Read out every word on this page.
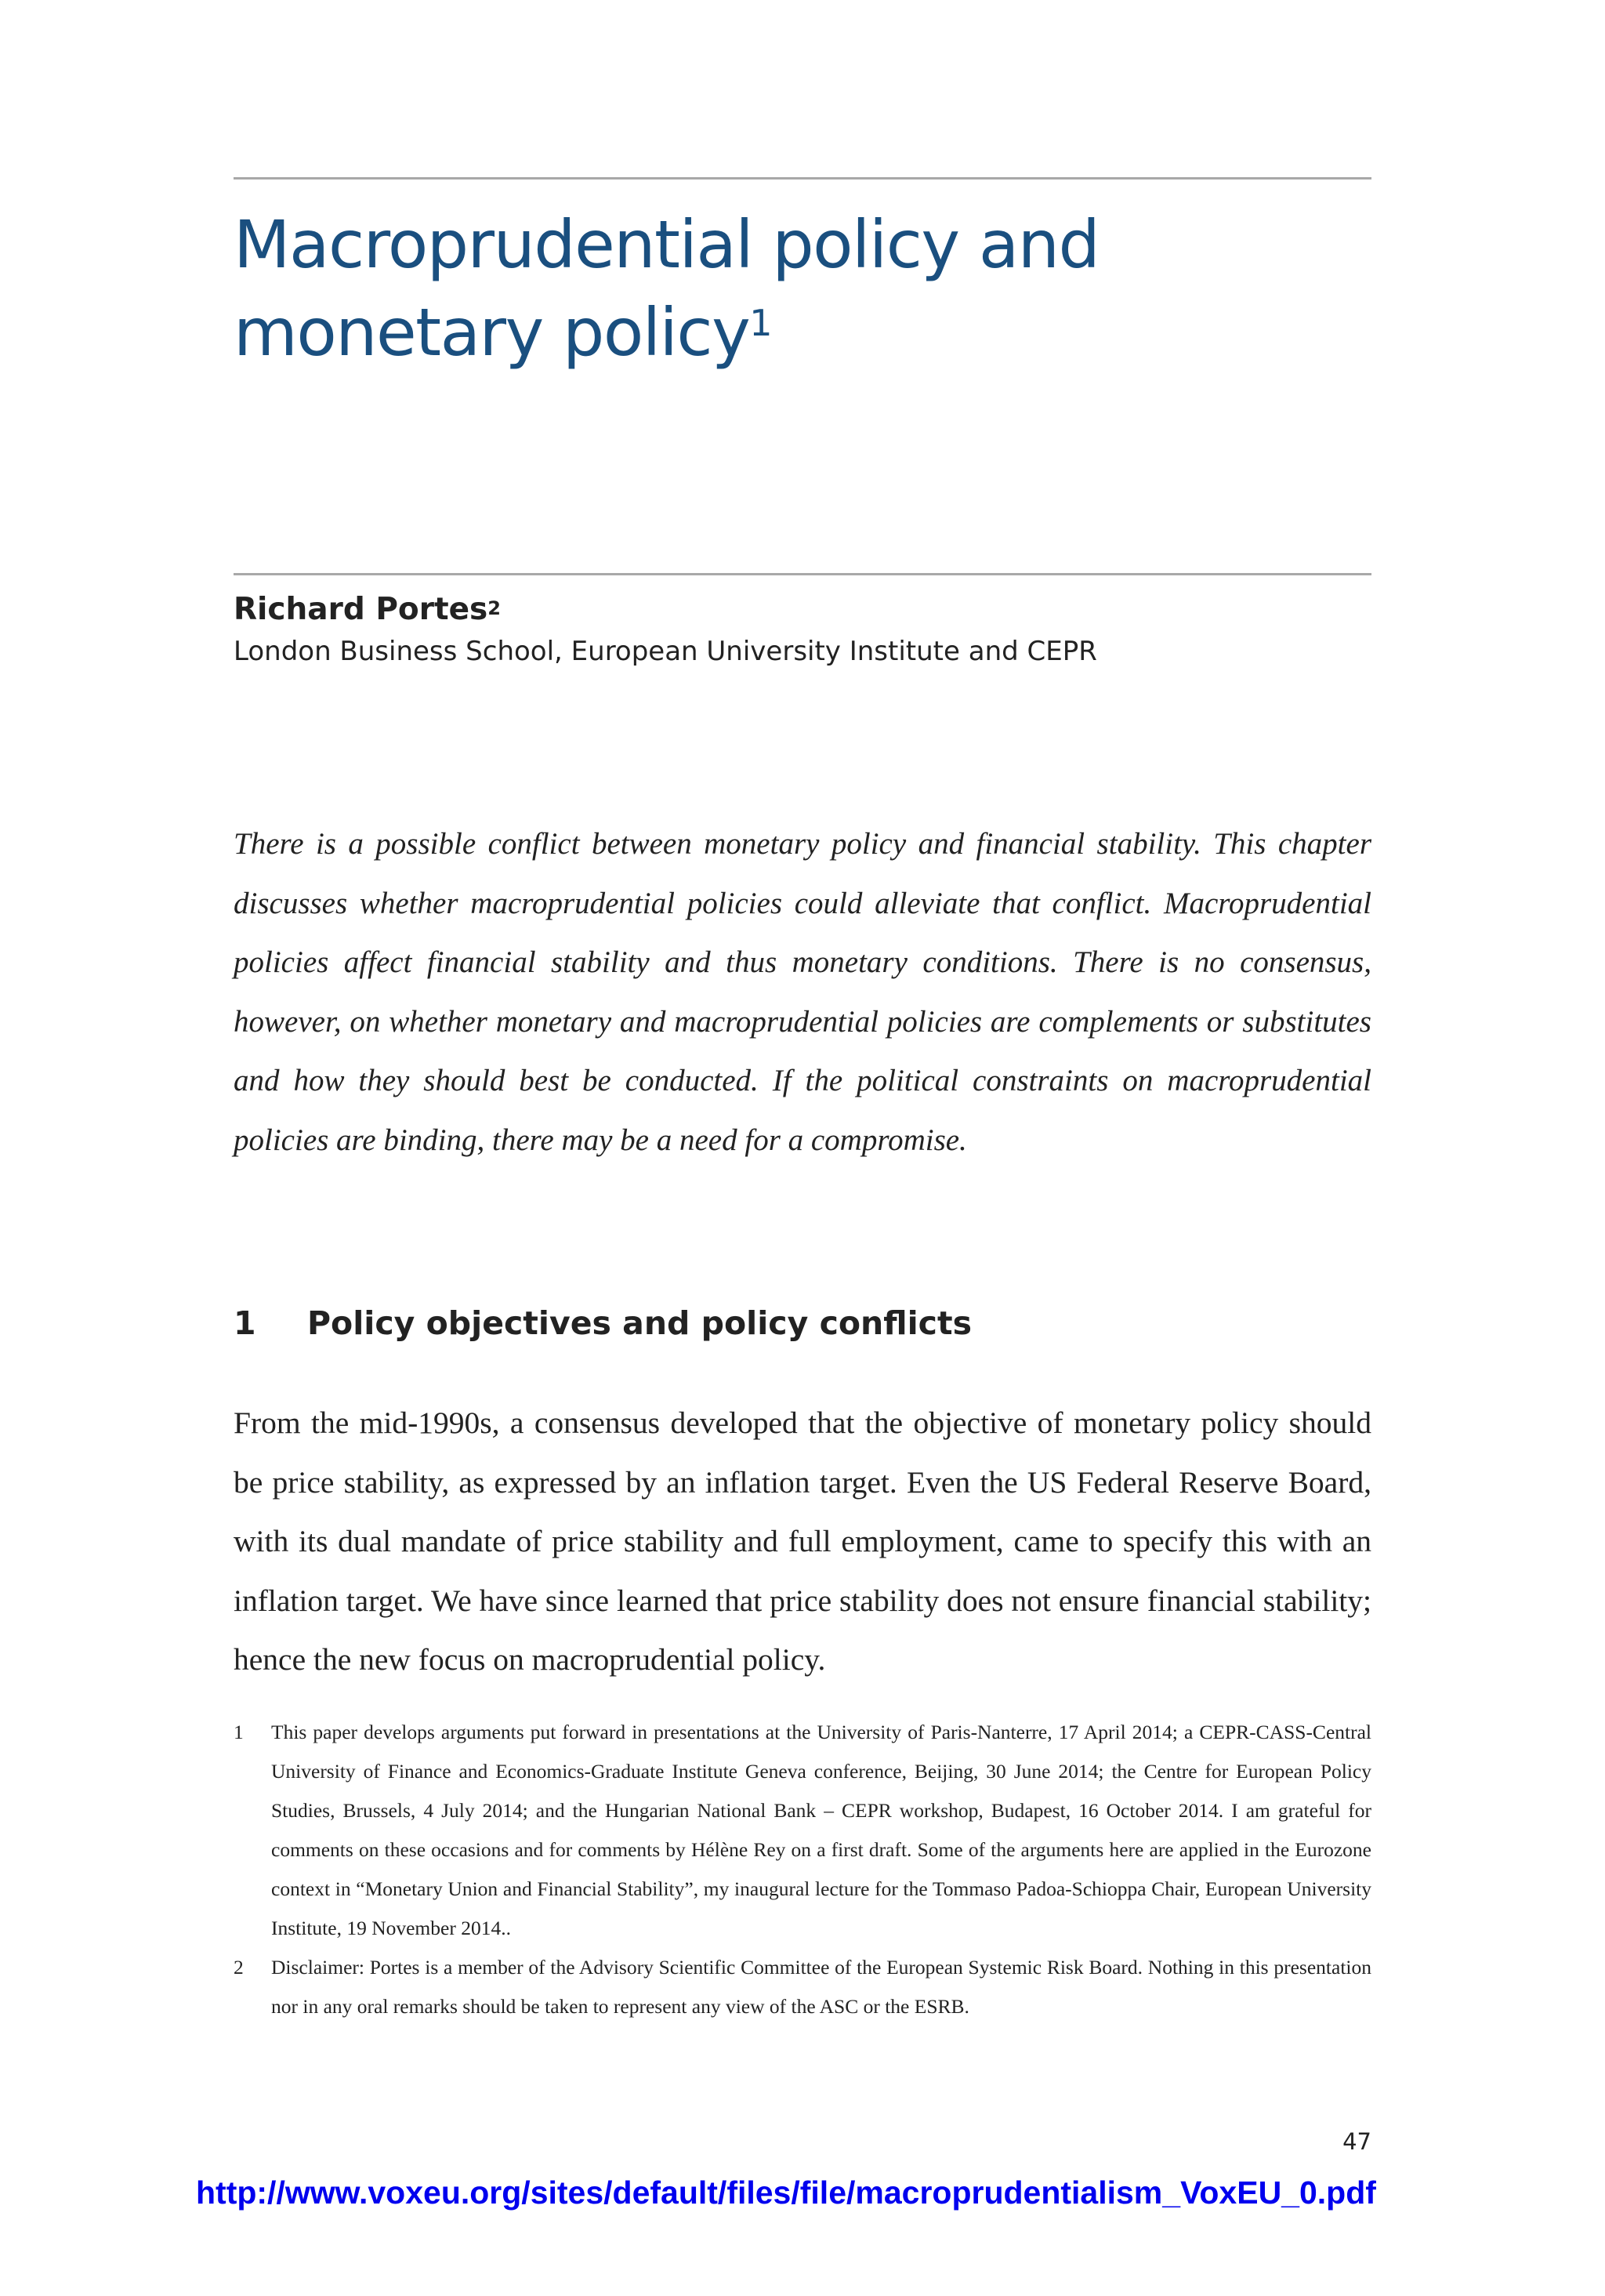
Macroprudential policy and
monetary policy$^1$
Richard Portes$^2$
London Business School, European University Institute and CEPR

There is a possible conflict between monetary policy and financial stability. This chapter discusses whether macroprudential policies could alleviate that conflict. Macroprudential policies affect financial stability and thus monetary conditions. There is no consensus, however, on whether monetary and macroprudential policies are complements or substitutes and how they should best be conducted. If the political constraints on macroprudential policies are binding, there may be a need for a compromise.

1 Policy objectives and policy conflicts

From the mid-1990s, a consensus developed that the objective of monetary policy should be price stability, as expressed by an inflation target. Even the US Federal Reserve Board, with its dual mandate of price stability and full employment, came to specify this with an inflation target. We have since learned that price stability does not ensure financial stability; hence the new focus on macroprudential policy.

1 This paper develops arguments put forward in presentations at the University of Paris-Nanterre, 17 April 2014; a CEPR-CASS-Central University of Finance and Economics-Graduate Institute Geneva conference, Beijing, 30 June 2014; the Centre for European Policy Studies, Brussels, 4 July 2014; and the Hungarian National Bank – CEPR workshop, Budapest, 16 October 2014. I am grateful for comments on these occasions and for comments by Hélène Rey on a first draft. Some of the arguments here are applied in the Eurozone context in “Monetary Union and Financial Stability”, my inaugural lecture for the Tommaso Padoa-Schioppa Chair, European University Institute, 19 November 2014..
2 Disclaimer: Portes is a member of the Advisory Scientific Committee of the European Systemic Risk Board. Nothing in this presentation nor in any oral remarks should be taken to represent any view of the ASC or the ESRB.
47
http://www.voxeu.org/sites/default/files/file/macroprudentialism_VoxEU_0.pdf
